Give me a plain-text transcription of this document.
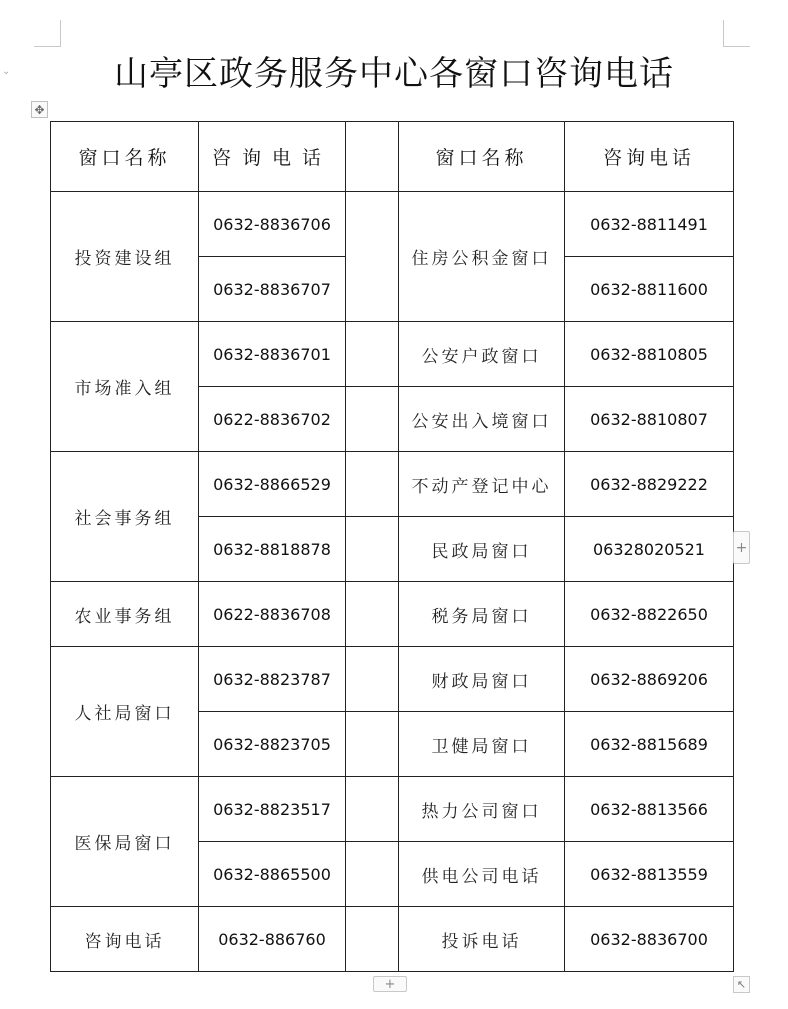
⌄	山亭区政务服务中心各窗口咨询电话
✥
窗口名称	咨询电话		窗口名称	咨询电话
投资建设组	0632-8836706		住房公积金窗口	0632-8811491
	0632-8836707			0632-8811600
市场准入组	0632-8836701		公安户政窗口	0632-8810805
	0622-8836702		公安出入境窗口	0632-8810807
社会事务组	0632-8866529		不动产登记中心	0632-8829222
	0632-8818878		民政局窗口	06328020521
农业事务组	0622-8836708		税务局窗口	0632-8822650
人社局窗口	0632-8823787		财政局窗口	0632-8869206
	0632-8823705		卫健局窗口	0632-8815689
医保局窗口	0632-8823517		热力公司窗口	0632-8813566
	0632-8865500		供电公司电话	0632-8813559
咨询电话	0632-886760		投诉电话	0632-8836700
+
+	↖
